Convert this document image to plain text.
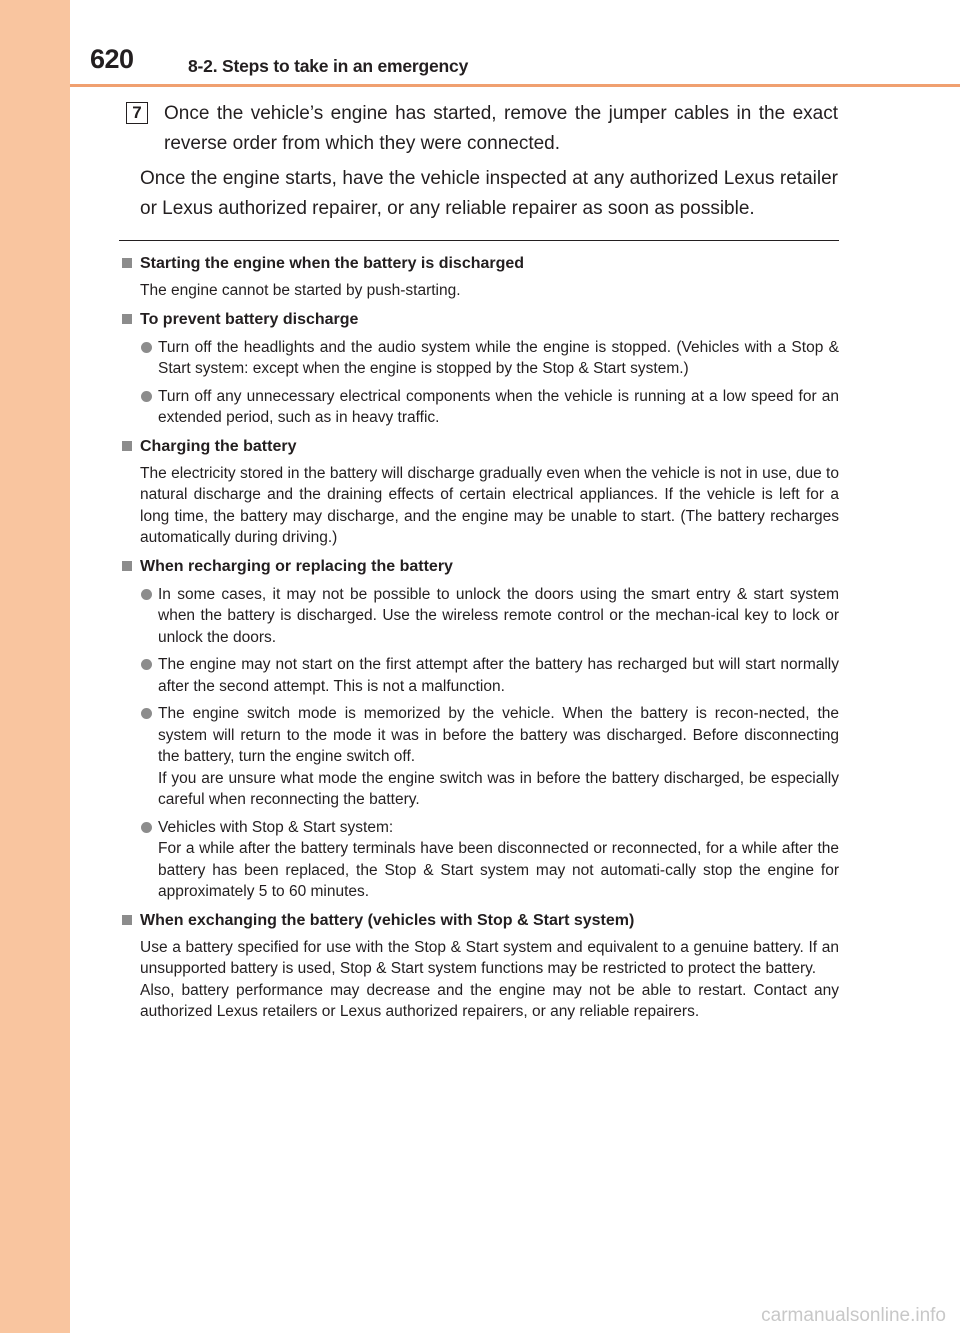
620	8-2. Steps to take in an emergency
7	Once the vehicle’s engine has started, remove the jumper cables in the exact reverse order from which they were connected.
Once the engine starts, have the vehicle inspected at any authorized Lexus retailer or Lexus authorized repairer, or any reliable repairer as soon as possible.
Starting the engine when the battery is discharged
The engine cannot be started by push-starting.
To prevent battery discharge
Turn off the headlights and the audio system while the engine is stopped. (Vehicles with a Stop & Start system: except when the engine is stopped by the Stop & Start system.)
Turn off any unnecessary electrical components when the vehicle is running at a low speed for an extended period, such as in heavy traffic.
Charging the battery
The electricity stored in the battery will discharge gradually even when the vehicle is not in use, due to natural discharge and the draining effects of certain electrical appliances. If the vehicle is left for a long time, the battery may discharge, and the engine may be unable to start. (The battery recharges automatically during driving.)
When recharging or replacing the battery
In some cases, it may not be possible to unlock the doors using the smart entry & start system when the battery is discharged. Use the wireless remote control or the mechan-ical key to lock or unlock the doors.
The engine may not start on the first attempt after the battery has recharged but will start normally after the second attempt. This is not a malfunction.
The engine switch mode is memorized by the vehicle. When the battery is recon-nected, the system will return to the mode it was in before the battery was discharged. Before disconnecting the battery, turn the engine switch off.
If you are unsure what mode the engine switch was in before the battery discharged, be especially careful when reconnecting the battery.
Vehicles with Stop & Start system:
For a while after the battery terminals have been disconnected or reconnected, for a while after the battery has been replaced, the Stop & Start system may not automati-cally stop the engine for approximately 5 to 60 minutes.
When exchanging the battery (vehicles with Stop & Start system)
Use a battery specified for use with the Stop & Start system and equivalent to a genuine battery. If an unsupported battery is used, Stop & Start system functions may be restricted to protect the battery.
Also, battery performance may decrease and the engine may not be able to restart. Contact any authorized Lexus retailers or Lexus authorized repairers, or any reliable repairers.
carmanualsonline.info
